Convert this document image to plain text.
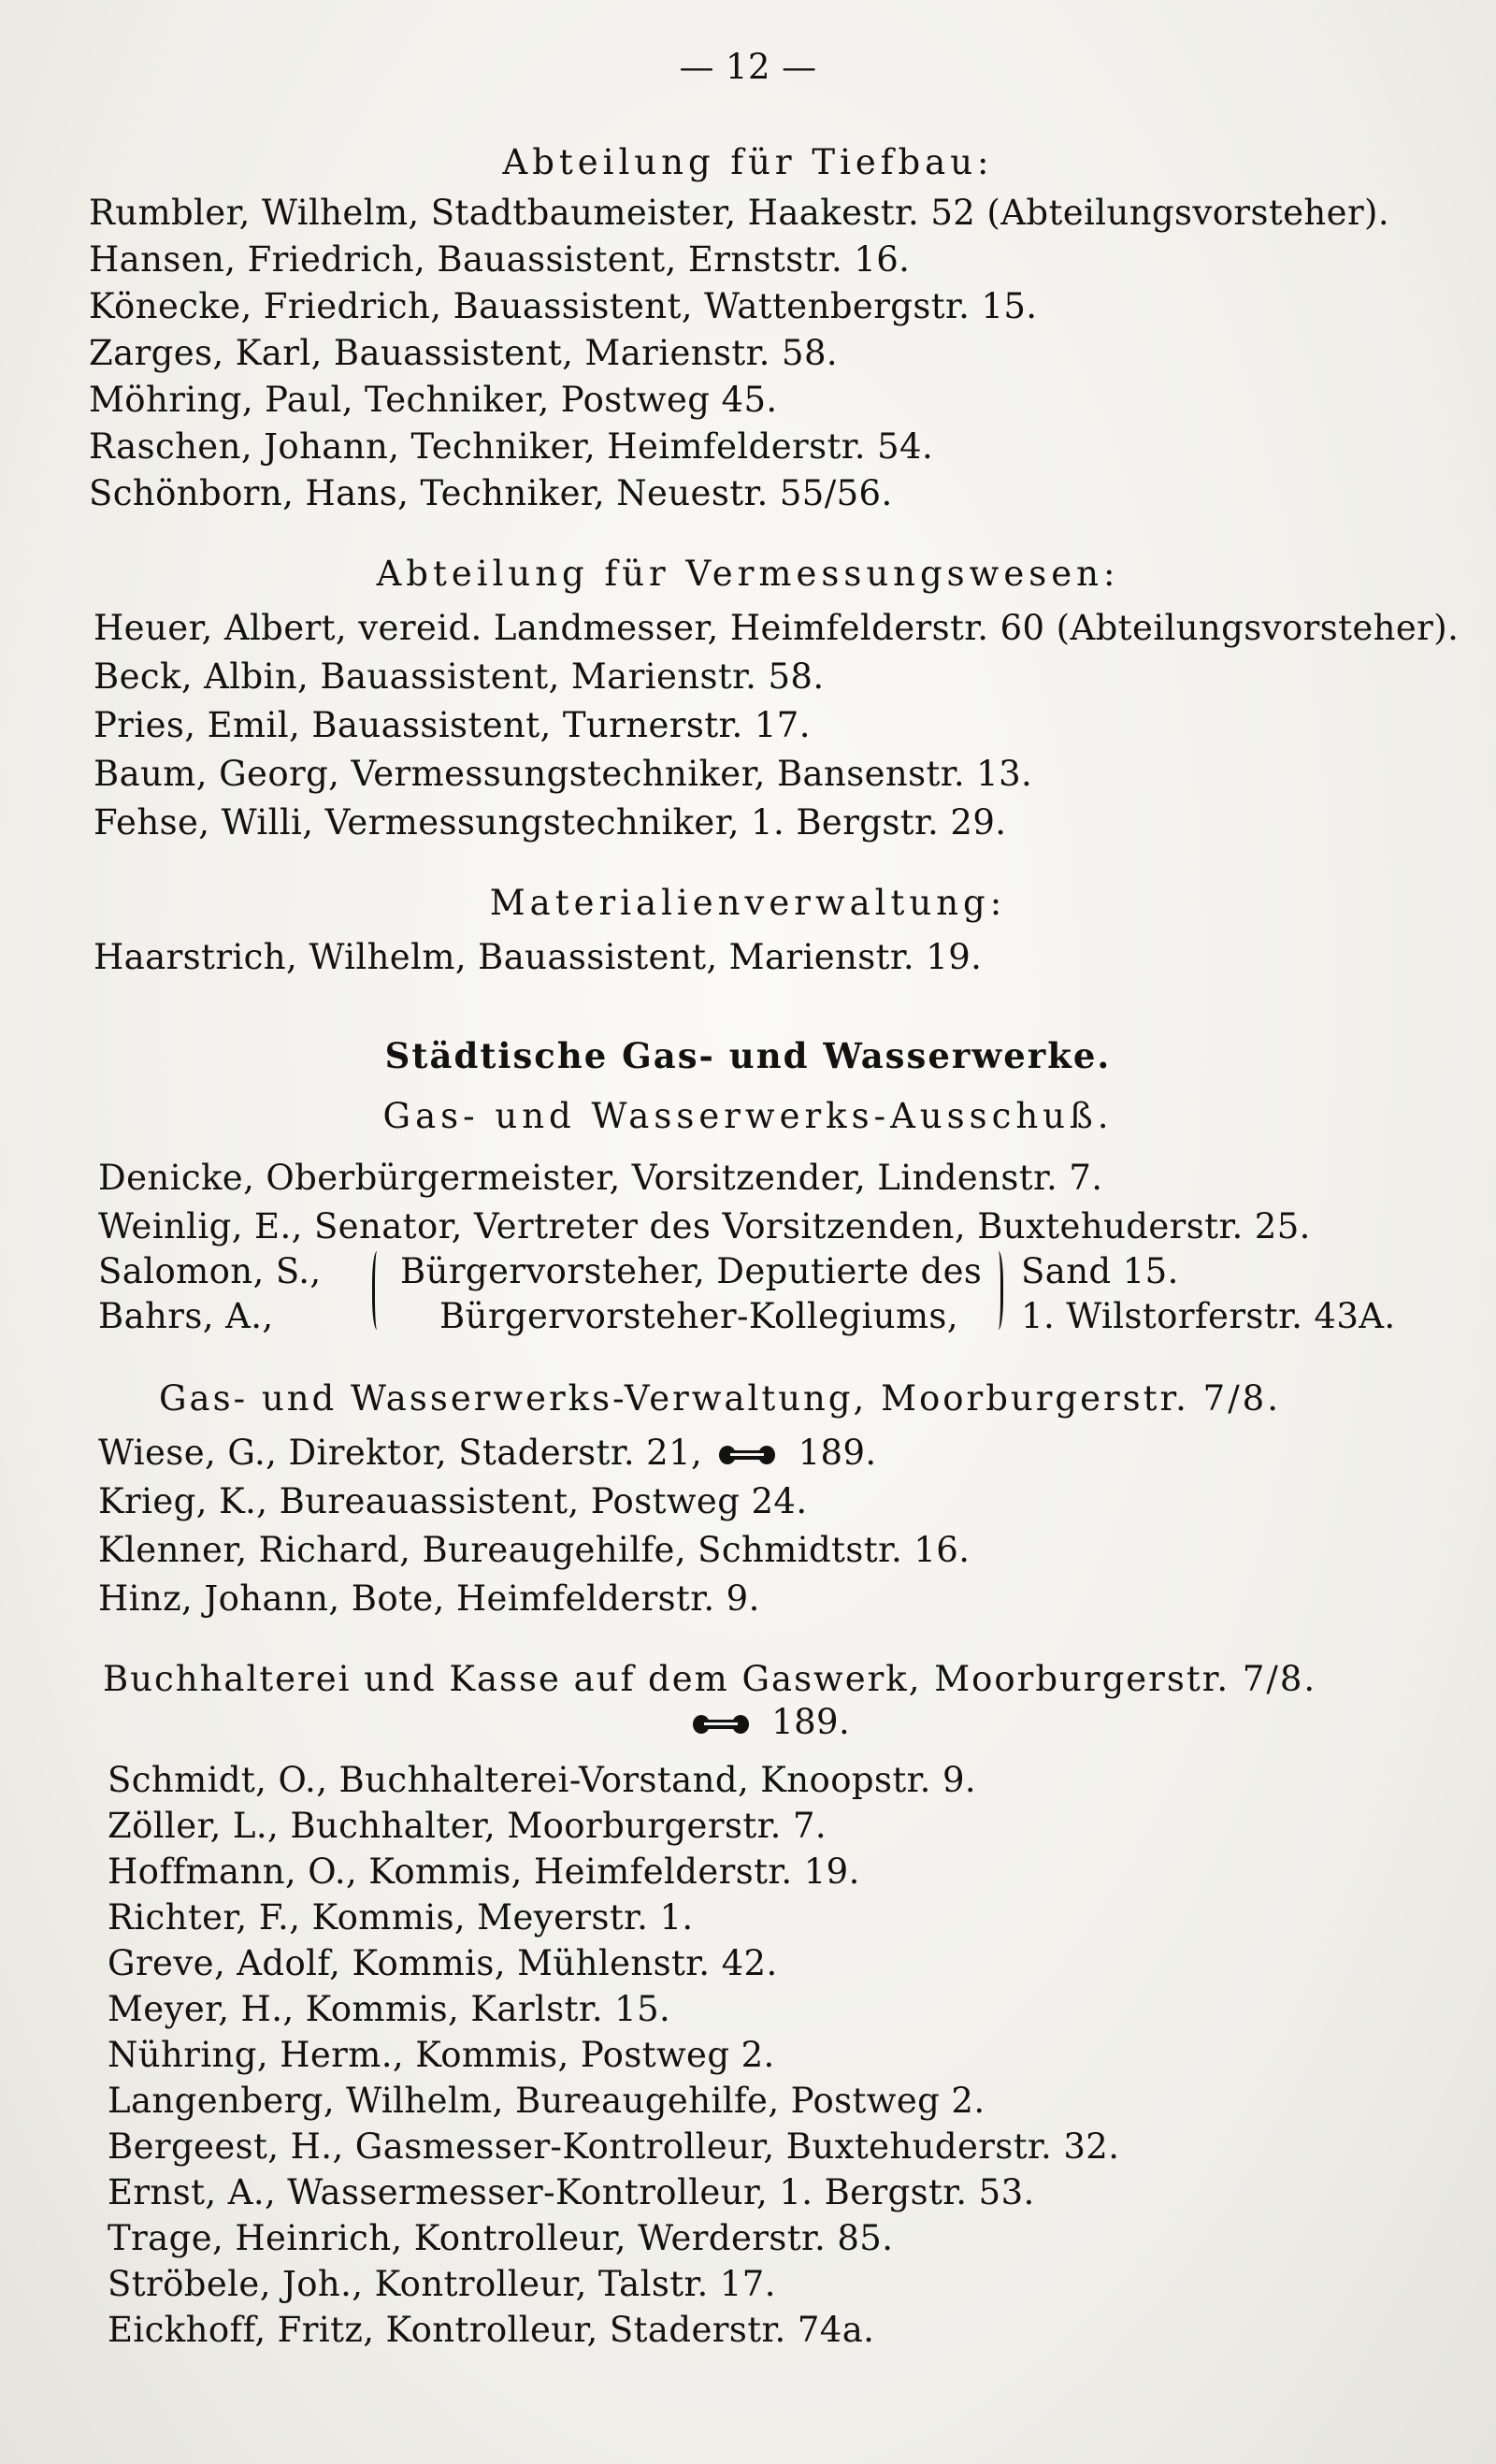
— 12 —
Abteilung für Tiefbau:
Rumbler, Wilhelm, Stadtbaumeister, Haakestr. 52 (Abteilungsvorsteher).
Hansen, Friedrich, Bauassistent, Ernststr. 16.
Könecke, Friedrich, Bauassistent, Wattenbergstr. 15.
Zarges, Karl, Bauassistent, Marienstr. 58.
Möhring, Paul, Techniker, Postweg 45.
Raschen, Johann, Techniker, Heimfelderstr. 54.
Schönborn, Hans, Techniker, Neuestr. 55/56.
Abteilung für Vermessungswesen:
Heuer, Albert, vereid. Landmesser, Heimfelderstr. 60 (Abteilungsvorsteher).
Beck, Albin, Bauassistent, Marienstr. 58.
Pries, Emil, Bauassistent, Turnerstr. 17.
Baum, Georg, Vermessungstechniker, Bansenstr. 13.
Fehse, Willi, Vermessungstechniker, 1. Bergstr. 29.
Materialienverwaltung:
Haarstrich, Wilhelm, Bauassistent, Marienstr. 19.
Städtische Gas- und Wasserwerke.
Gas- und Wasserwerks-Ausschuß.
Denicke, Oberbürgermeister, Vorsitzender, Lindenstr. 7.
Weinlig, E., Senator, Vertreter des Vorsitzenden, Buxtehuderstr. 25.
Salomon, S.,
Bahrs, A.,
Bürgervorsteher, Deputierte des
Bürgervorsteher-Kollegiums,
Sand 15.
1. Wilstorferstr. 43A.
Gas- und Wasserwerks-Verwaltung, Moorburgerstr. 7/8.
Wiese, G., Direktor, Staderstr. 21,	189.
Krieg, K., Bureauassistent, Postweg 24.
Klenner, Richard, Bureaugehilfe, Schmidtstr. 16.
Hinz, Johann, Bote, Heimfelderstr. 9.
Buchhalterei und Kasse auf dem Gaswerk, Moorburgerstr. 7/8.
189.
Schmidt, O., Buchhalterei-Vorstand, Knoopstr. 9.
Zöller, L., Buchhalter, Moorburgerstr. 7.
Hoffmann, O., Kommis, Heimfelderstr. 19.
Richter, F., Kommis, Meyerstr. 1.
Greve, Adolf, Kommis, Mühlenstr. 42.
Meyer, H., Kommis, Karlstr. 15.
Nühring, Herm., Kommis, Postweg 2.
Langenberg, Wilhelm, Bureaugehilfe, Postweg 2.
Bergeest, H., Gasmesser-Kontrolleur, Buxtehuderstr. 32.
Ernst, A., Wassermesser-Kontrolleur, 1. Bergstr. 53.
Trage, Heinrich, Kontrolleur, Werderstr. 85.
Ströbele, Joh., Kontrolleur, Talstr. 17.
Eickhoff, Fritz, Kontrolleur, Staderstr. 74a.
